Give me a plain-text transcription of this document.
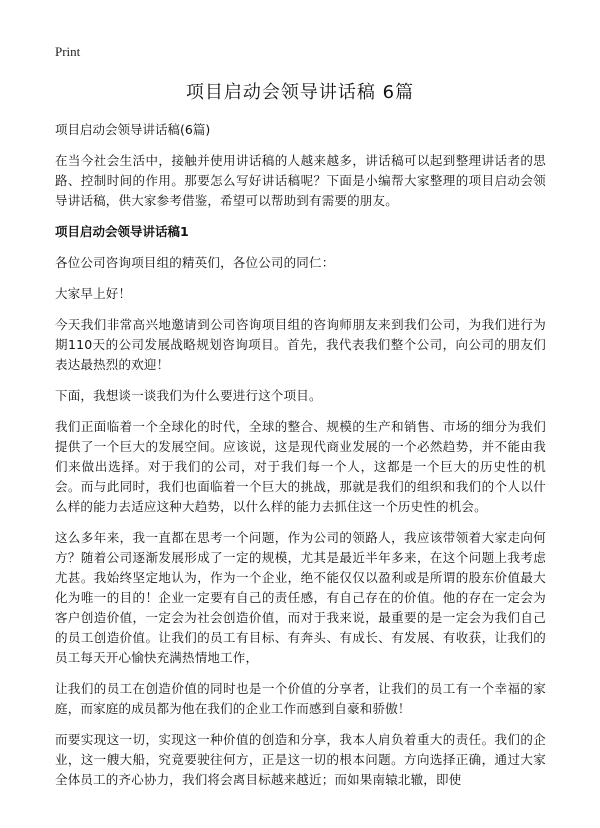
Print
项目启动会领导讲话稿 6篇

项目启动会领导讲话稿(6篇)

在当今社会生活中，接触并使用讲话稿的人越来越多，讲话稿可以起到整理讲话者的思路、控制时间的作用。那要怎么写好讲话稿呢？下面是小编帮大家整理的项目启动会领导讲话稿，供大家参考借鉴，希望可以帮助到有需要的朋友。

项目启动会领导讲话稿1

各位公司咨询项目组的精英们，各位公司的同仁：

大家早上好！

今天我们非常高兴地邀请到公司咨询项目组的咨询师朋友来到我们公司，为我们进行为期110天的公司发展战略规划咨询项目。首先，我代表我们整个公司，向公司的朋友们表达最热烈的欢迎！

下面，我想谈一谈我们为什么要进行这个项目。

我们正面临着一个全球化的时代，全球的整合、规模的生产和销售、市场的细分为我们提供了一个巨大的发展空间。应该说，这是现代商业发展的一个必然趋势，并不能由我们来做出选择。对于我们的公司，对于我们每一个人，这都是一个巨大的历史性的机会。而与此同时，我们也面临着一个巨大的挑战，那就是我们的组织和我们的个人以什么样的能力去适应这种大趋势，以什么样的能力去抓住这一个历史性的机会。

这么多年来，我一直都在思考一个问题，作为公司的领路人，我应该带领着大家走向何方？随着公司逐渐发展形成了一定的规模，尤其是最近半年多来，在这个问题上我考虑尤甚。我始终坚定地认为，作为一个企业，绝不能仅仅以盈利或是所谓的股东价值最大化为唯一的目的！企业一定要有自己的责任感，有自己存在的价值。他的存在一定会为客户创造价值，一定会为社会创造价值，而对于我来说，最重要的是一定会为我们自己的员工创造价值。让我们的员工有目标、有奔头、有成长、有发展、有收获，让我们的员工每天开心愉快充满热情地工作，

让我们的员工在创造价值的同时也是一个价值的分享者，让我们的员工有一个幸福的家庭，而家庭的成员都为他在我们的企业工作而感到自豪和骄傲！

而要实现这一切，实现这一种价值的创造和分享，我本人肩负着重大的责任。我们的企业，这一艘大船，究竟要驶往何方，正是这一切的根本问题。方向选择正确，通过大家全体员工的齐心协力，我们将会离目标越来越近；而如果南辕北辙，即使
